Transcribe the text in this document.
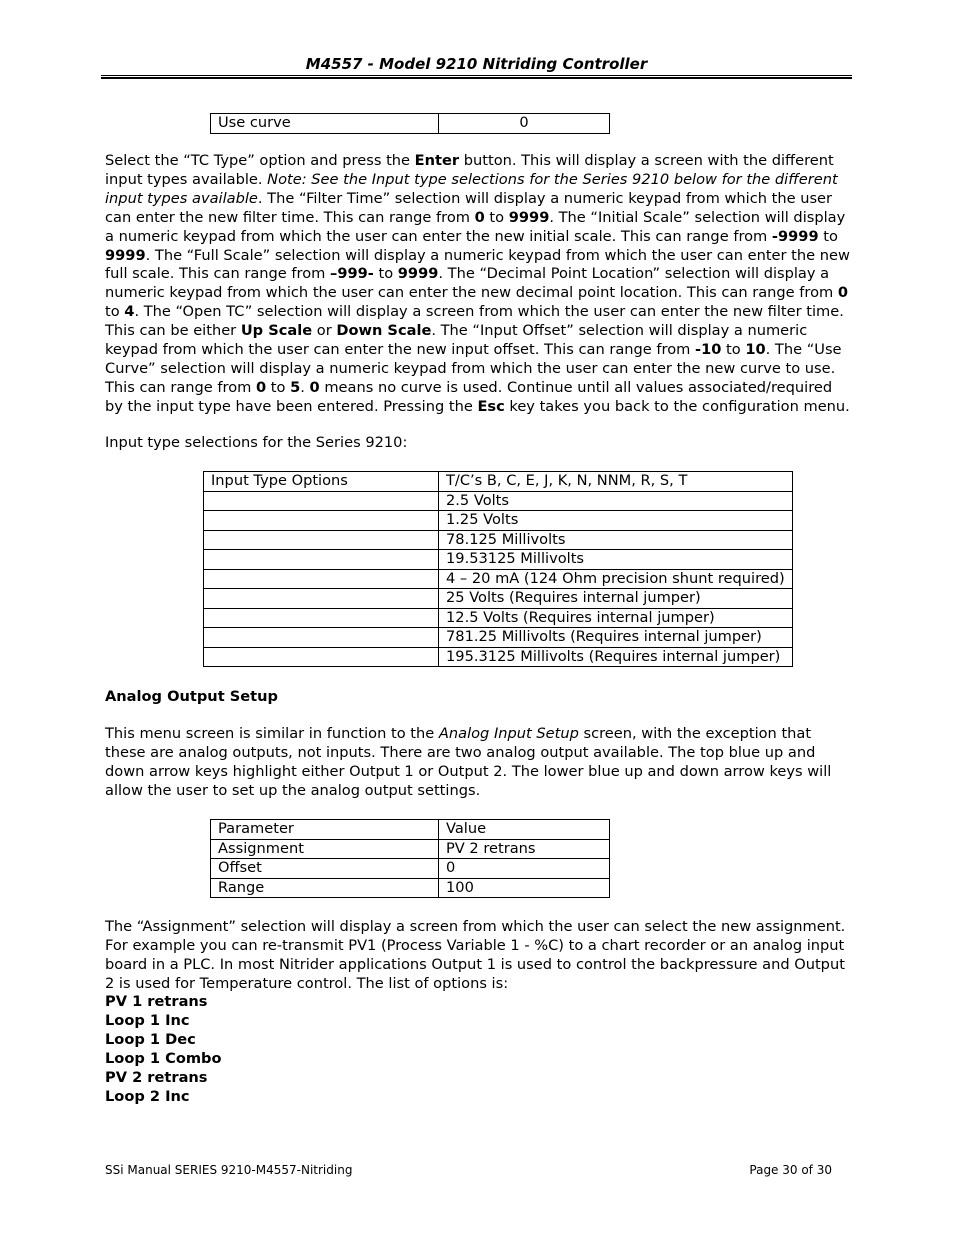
M4557 - Model 9210 Nitriding Controller
Use curve	0
Select the “TC Type” option and press the Enter button. This will display a screen with the different input types available. Note: See the Input type selections for the Series 9210 below for the different input types available. The “Filter Time” selection will display a numeric keypad from which the user can enter the new filter time. This can range from 0 to 9999. The “Initial Scale” selection will display a numeric keypad from which the user can enter the new initial scale. This can range from -9999 to 9999. The “Full Scale” selection will display a numeric keypad from which the user can enter the new full scale. This can range from –999- to 9999. The “Decimal Point Location” selection will display a numeric keypad from which the user can enter the new decimal point location. This can range from 0 to 4. The “Open TC” selection will display a screen from which the user can enter the new filter time. This can be either Up Scale or Down Scale. The “Input Offset” selection will display a numeric keypad from which the user can enter the new input offset. This can range from -10 to 10. The “Use Curve” selection will display a numeric keypad from which the user can enter the new curve to use. This can range from 0 to 5. 0 means no curve is used. Continue until all values associated/required by the input type have been entered. Pressing the Esc key takes you back to the configuration menu.
Input type selections for the Series 9210:
Input Type Options	T/C’s B, C, E, J, K, N, NNM, R, S, T
	2.5 Volts
	1.25 Volts
	78.125 Millivolts
	19.53125 Millivolts
	4 – 20 mA (124 Ohm precision shunt required)
	25 Volts (Requires internal jumper)
	12.5 Volts (Requires internal jumper)
	781.25 Millivolts (Requires internal jumper)
	195.3125 Millivolts (Requires internal jumper)
Analog Output Setup
This menu screen is similar in function to the Analog Input Setup screen, with the exception that these are analog outputs, not inputs. There are two analog output available. The top blue up and down arrow keys highlight either Output 1 or Output 2. The lower blue up and down arrow keys will allow the user to set up the analog output settings.
Parameter	Value
Assignment	PV 2 retrans
Offset	0
Range	100
The “Assignment” selection will display a screen from which the user can select the new assignment. For example you can re-transmit PV1 (Process Variable 1 - %C) to a chart recorder or an analog input board in a PLC. In most Nitrider applications Output 1 is used to control the backpressure and Output 2 is used for Temperature control. The list of options is:
PV 1 retrans
Loop 1 Inc
Loop 1 Dec
Loop 1 Combo
PV 2 retrans
Loop 2 Inc
SSi Manual SERIES 9210-M4557-Nitriding	Page 30 of 30
